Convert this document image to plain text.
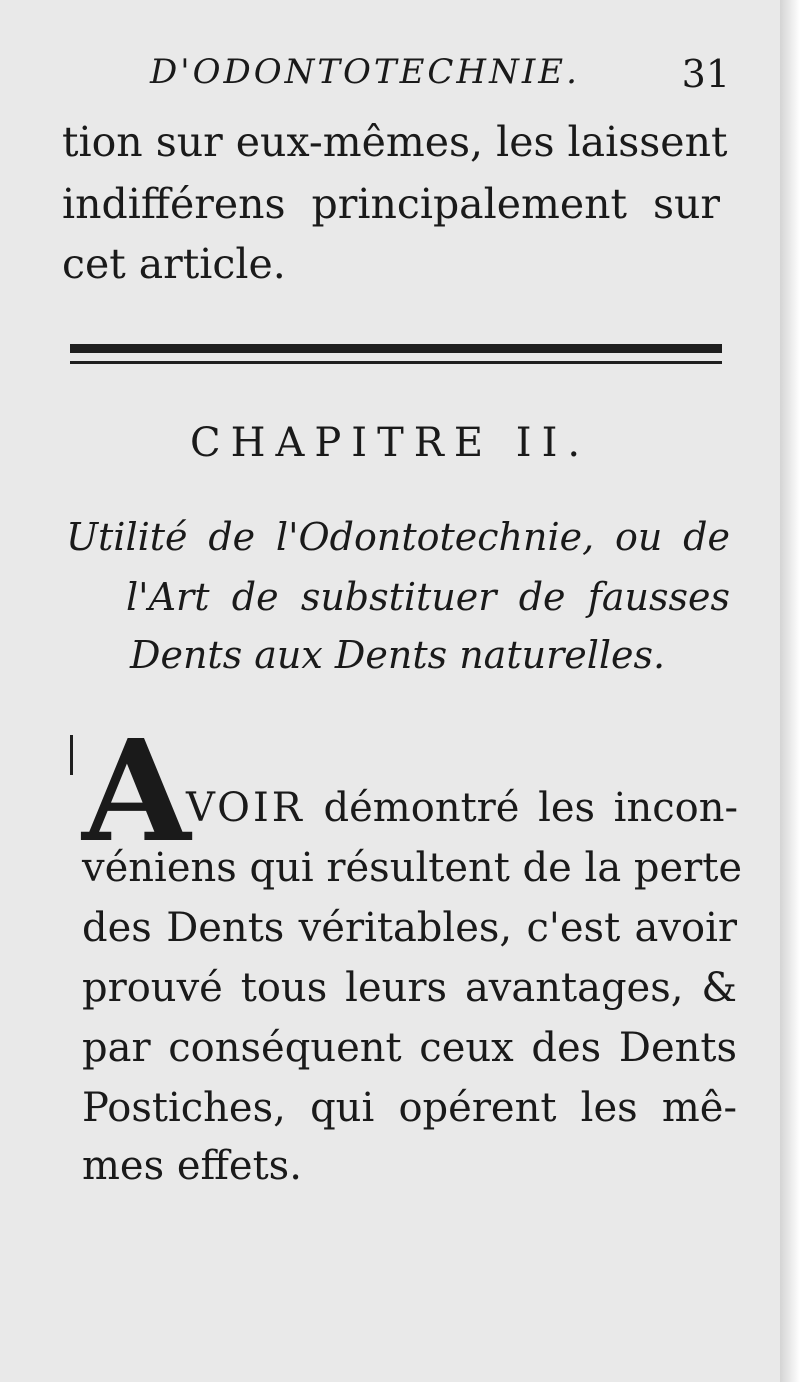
D'ODONTOTECHNIE.	31
tion sur eux-mêmes, les laissent
indifférens principalement sur
cet article.
CHAPITRE II.
Utilité de l'Odontotechnie, ou de
l'Art de substituer de fausses
Dents aux Dents naturelles.
A VOIR démontré les incon-
véniens qui résultent de la perte
des Dents véritables, c'est avoir
prouvé tous leurs avantages, &
par conséquent ceux des Dents
Postiches, qui opérent les mê-
mes effets.
